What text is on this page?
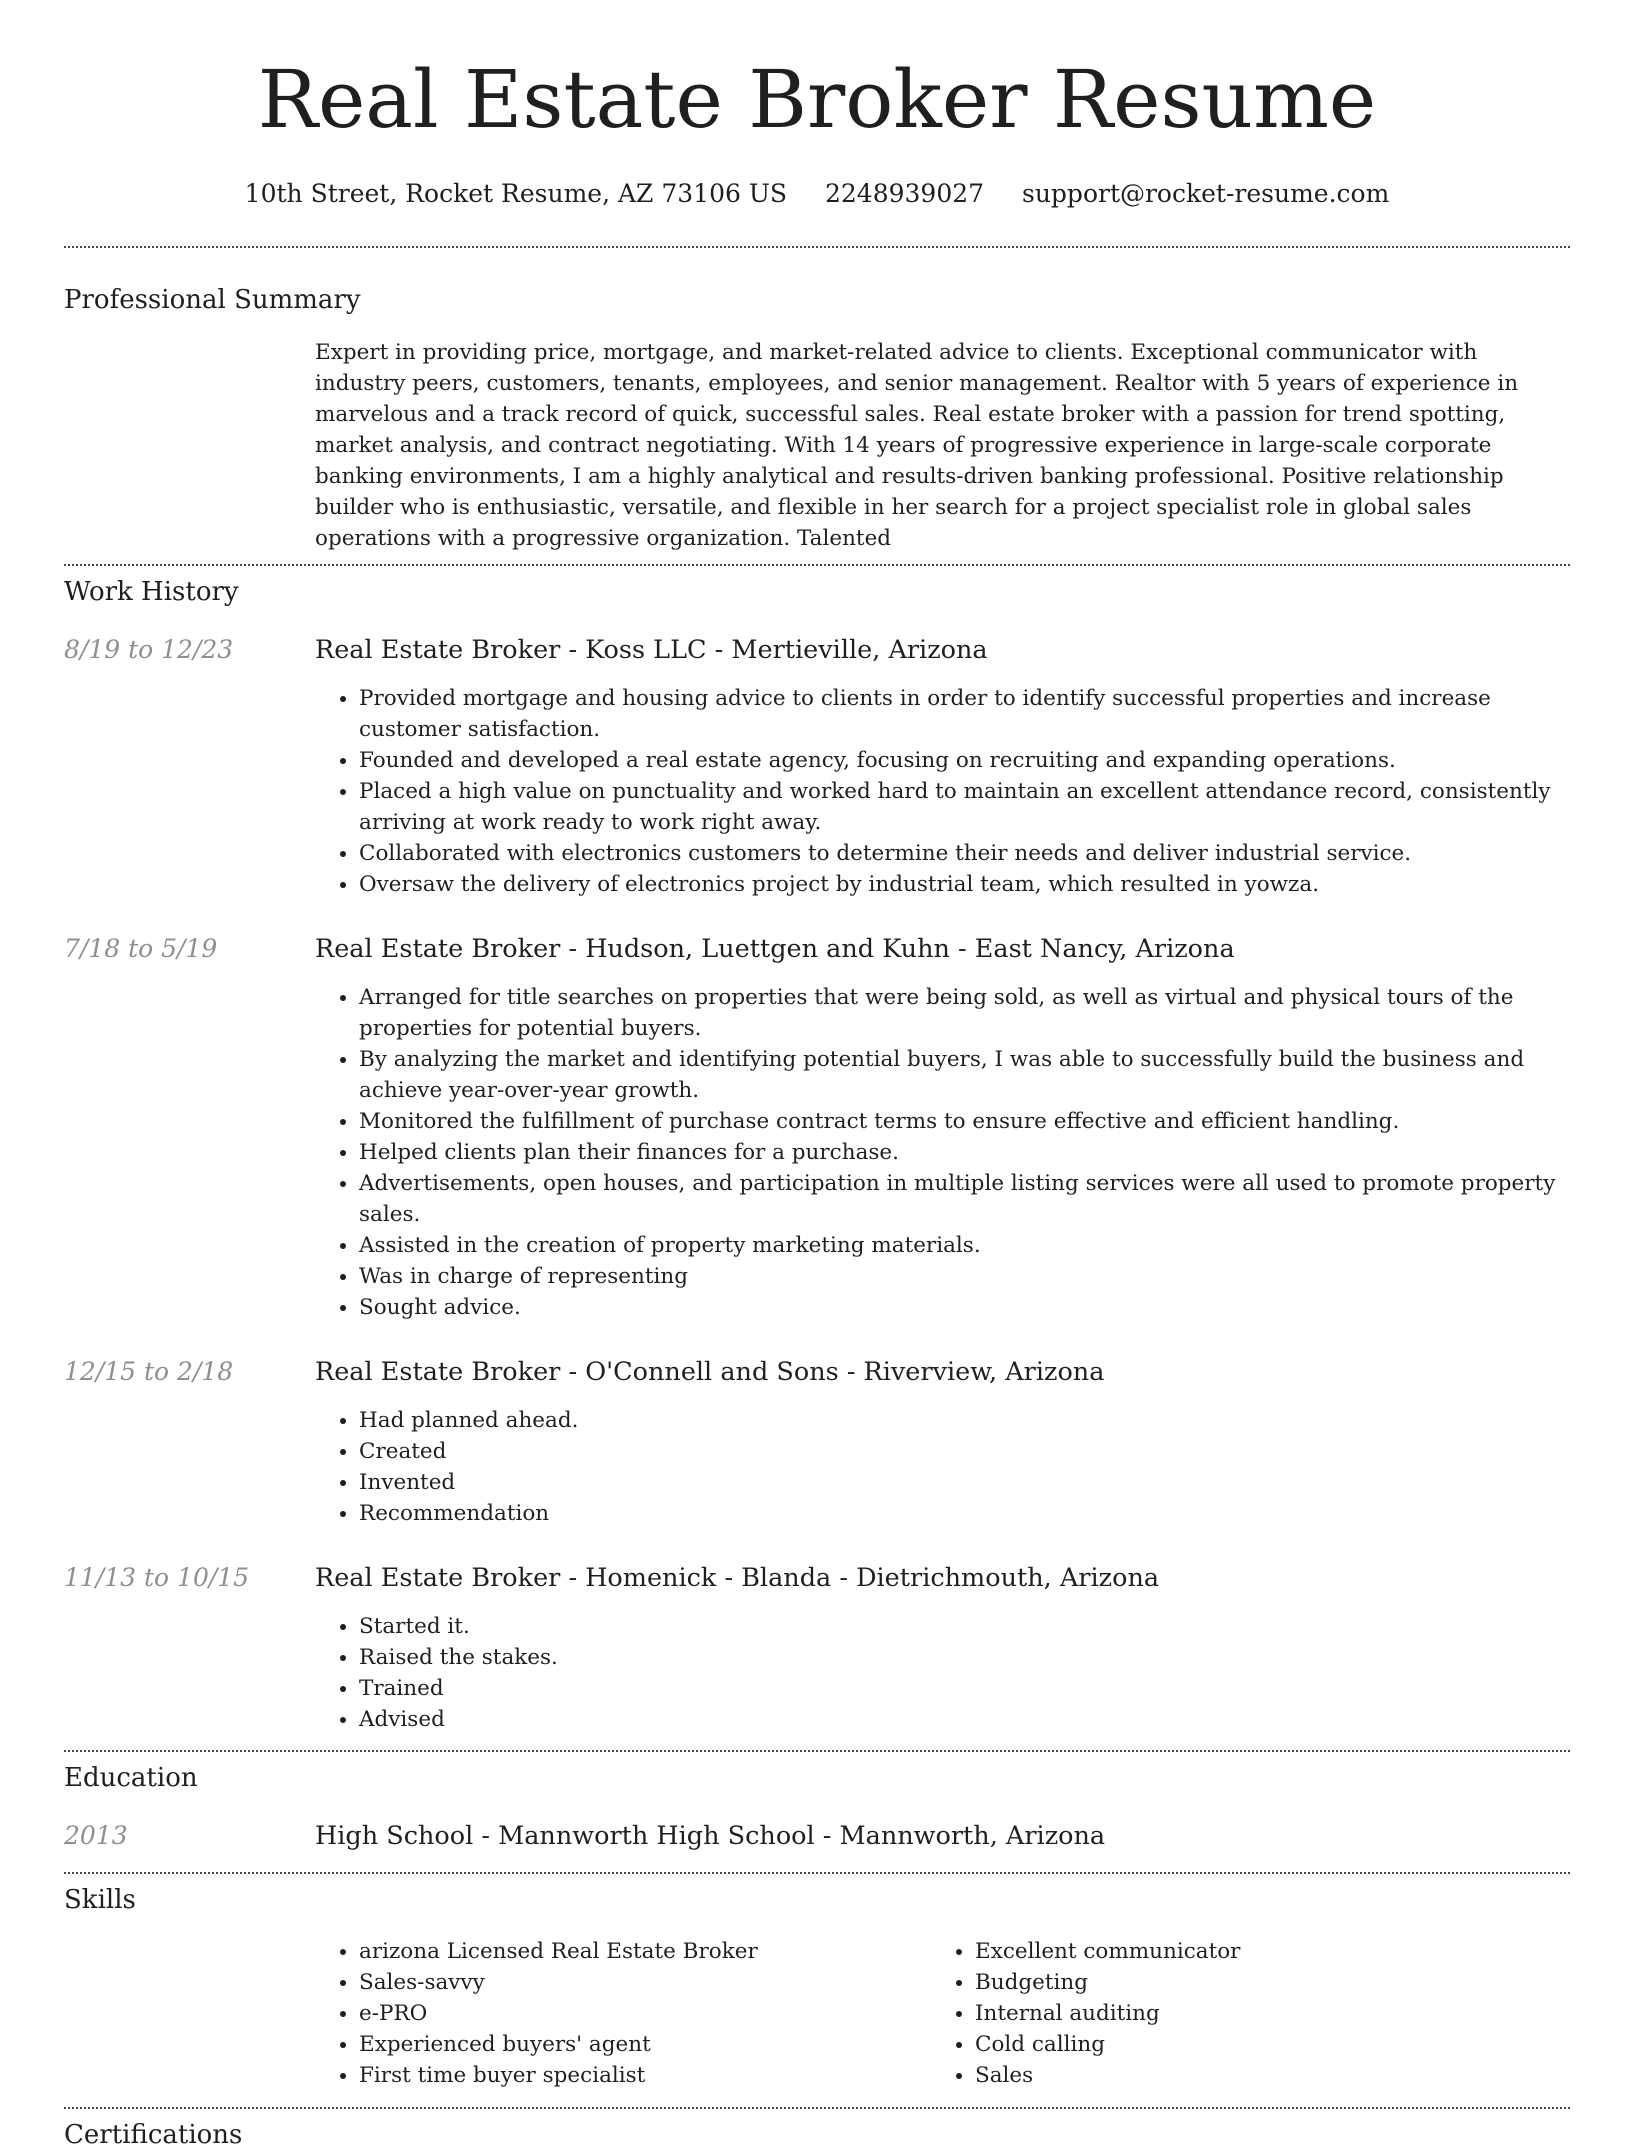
Real Estate Broker Resume
10th Street, Rocket Resume, AZ 73106 US 2248939027 support@rocket-resume.com
Professional Summary
Expert in providing price, mortgage, and market-related advice to clients. Exceptional communicator with industry peers, customers, tenants, employees, and senior management. Realtor with 5 years of experience in marvelous and a track record of quick, successful sales. Real estate broker with a passion for trend spotting, market analysis, and contract negotiating. With 14 years of progressive experience in large-scale corporate banking environments, I am a highly analytical and results-driven banking professional. Positive relationship builder who is enthusiastic, versatile, and flexible in her search for a project specialist role in global sales operations with a progressive organization. Talented
Work History
8/19 to 12/23	Real Estate Broker - Koss LLC - Mertieville, Arizona
• Provided mortgage and housing advice to clients in order to identify successful properties and increase customer satisfaction.
• Founded and developed a real estate agency, focusing on recruiting and expanding operations.
• Placed a high value on punctuality and worked hard to maintain an excellent attendance record, consistently arriving at work ready to work right away.
• Collaborated with electronics customers to determine their needs and deliver industrial service.
• Oversaw the delivery of electronics project by industrial team, which resulted in yowza.
7/18 to 5/19	Real Estate Broker - Hudson, Luettgen and Kuhn - East Nancy, Arizona
• Arranged for title searches on properties that were being sold, as well as virtual and physical tours of the properties for potential buyers.
• By analyzing the market and identifying potential buyers, I was able to successfully build the business and achieve year-over-year growth.
• Monitored the fulfillment of purchase contract terms to ensure effective and efficient handling.
• Helped clients plan their finances for a purchase.
• Advertisements, open houses, and participation in multiple listing services were all used to promote property sales.
• Assisted in the creation of property marketing materials.
• Was in charge of representing
• Sought advice.
12/15 to 2/18	Real Estate Broker - O'Connell and Sons - Riverview, Arizona
• Had planned ahead.
• Created
• Invented
• Recommendation
11/13 to 10/15	Real Estate Broker - Homenick - Blanda - Dietrichmouth, Arizona
• Started it.
• Raised the stakes.
• Trained
• Advised
Education
2013	High School - Mannworth High School - Mannworth, Arizona
Skills
• arizona Licensed Real Estate Broker
• Sales-savvy
• e-PRO
• Experienced buyers' agent
• First time buyer specialist
• Excellent communicator
• Budgeting
• Internal auditing
• Cold calling
• Sales
Certifications
